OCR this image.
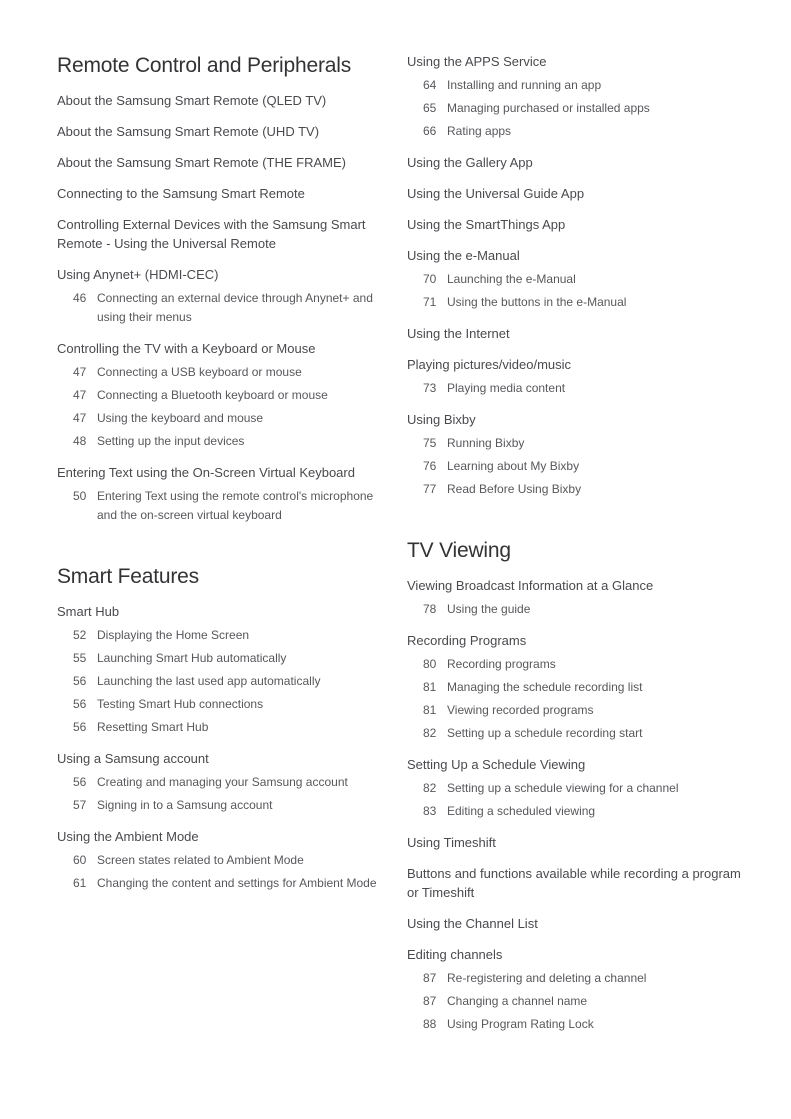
Remote Control and Peripherals
About the Samsung Smart Remote (QLED TV)
About the Samsung Smart Remote (UHD TV)
About the Samsung Smart Remote (THE FRAME)
Connecting to the Samsung Smart Remote
Controlling External Devices with the Samsung Smart Remote - Using the Universal Remote
Using Anynet+ (HDMI-CEC)
46 Connecting an external device through Anynet+ and using their menus
Controlling the TV with a Keyboard or Mouse
47 Connecting a USB keyboard or mouse
47 Connecting a Bluetooth keyboard or mouse
47 Using the keyboard and mouse
48 Setting up the input devices
Entering Text using the On-Screen Virtual Keyboard
50 Entering Text using the remote control's microphone and the on-screen virtual keyboard
Smart Features
Smart Hub
52 Displaying the Home Screen
55 Launching Smart Hub automatically
56 Launching the last used app automatically
56 Testing Smart Hub connections
56 Resetting Smart Hub
Using a Samsung account
56 Creating and managing your Samsung account
57 Signing in to a Samsung account
Using the Ambient Mode
60 Screen states related to Ambient Mode
61 Changing the content and settings for Ambient Mode
Using the APPS Service
64 Installing and running an app
65 Managing purchased or installed apps
66 Rating apps
Using the Gallery App
Using the Universal Guide App
Using the SmartThings App
Using the e-Manual
70 Launching the e-Manual
71 Using the buttons in the e-Manual
Using the Internet
Playing pictures/video/music
73 Playing media content
Using Bixby
75 Running Bixby
76 Learning about My Bixby
77 Read Before Using Bixby
TV Viewing
Viewing Broadcast Information at a Glance
78 Using the guide
Recording Programs
80 Recording programs
81 Managing the schedule recording list
81 Viewing recorded programs
82 Setting up a schedule recording start
Setting Up a Schedule Viewing
82 Setting up a schedule viewing for a channel
83 Editing a scheduled viewing
Using Timeshift
Buttons and functions available while recording a program or Timeshift
Using the Channel List
Editing channels
87 Re-registering and deleting a channel
87 Changing a channel name
88 Using Program Rating Lock
